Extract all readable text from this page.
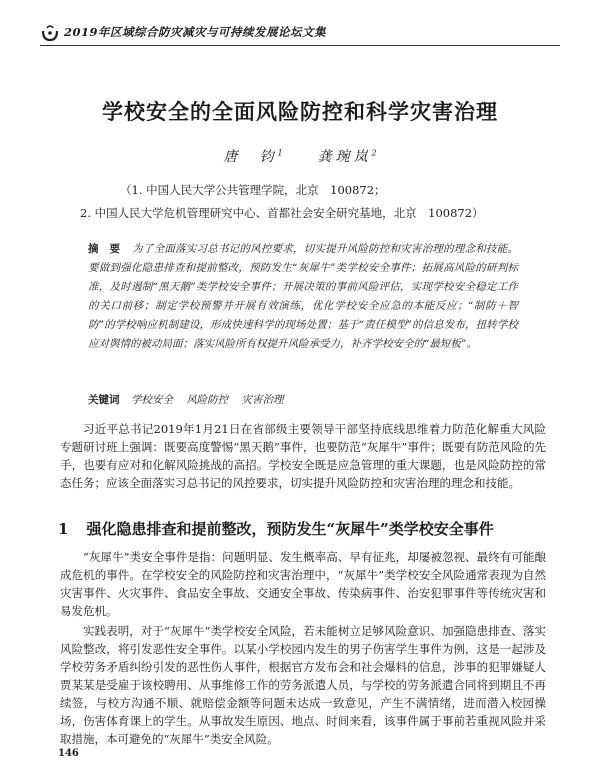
2019年区域综合防灾减灾与可持续发展论坛文集
学校安全的全面风险防控和科学灾害治理
唐　钧$^1$ 　 龚琬岚$^2$
（1. 中国人民大学公共管理学院，北京　100872；
2. 中国人民大学危机管理研究中心、首都社会安全研究基地，北京　100872）
摘　要 为了全面落实习总书记的风控要求，切实提升风险防控和灾害治理的理念和技能。要做到强化隐患排查和提前整改，预防发生“灰犀牛”类学校安全事件；拓展高风险的研判标准，及时遏制“黑天鹅”类学校安全事件；开展决策的事前风险评估，实现学校安全稳定工作的关口前移；制定学校预警并开展有效演练，优化学校安全应急的本能反应；“制防＋智防”的学校响应机制建设，形成快速科学的现场处置；基于“责任模型”的信息发布，扭转学校应对舆情的被动局面；落实风险所有权提升风险承受力，补齐学校安全的“最短板”。
关键词 学校安全 风险防控 灾害治理
习近平总书记2019年1月21日在省部级主要领导干部坚持底线思维着力防范化解重大风险专题研讨班上强调：既要高度警惕“黑天鹅”事件，也要防范“灰犀牛”事件；既要有防范风险的先手，也要有应对和化解风险挑战的高招。学校安全既是应急管理的重大课题，也是风险防控的常态任务；应该全面落实习总书记的风控要求，切实提升风险防控和灾害治理的理念和技能。
1 强化隐患排查和提前整改，预防发生“灰犀牛”类学校安全事件
“灰犀牛”类安全事件是指：问题明显、发生概率高、早有征兆，却屡被忽视、最终有可能酿成危机的事件。在学校安全的风险防控和灾害治理中，“灰犀牛”类学校安全风险通常表现为自然灾害事件、火灾事件、食品安全事故、交通安全事故、传染病事件、治安犯罪事件等传统灾害和易发危机。
实践表明，对于“灰犀牛”类学校安全风险，若未能树立足够风险意识、加强隐患排查、落实风险整改，将引发恶性安全事件。以某小学校园内发生的男子伤害学生事件为例，这是一起涉及学校劳务矛盾纠纷引发的恶性伤人事件，根据官方发布会和社会爆料的信息，涉事的犯罪嫌疑人贾某某是受雇于该校聘用、从事维修工作的劳务派遣人员，与学校的劳务派遣合同将到期且不再续签，与校方沟通不顺、就赔偿金额等问题未达成一致意见，产生不满情绪，进而潜入校园操场，伤害体育课上的学生。从事故发生原因、地点、时间来看，该事件属于事前若重视风险并采取措施，本可避免的“灰犀牛”类安全风险。
146
